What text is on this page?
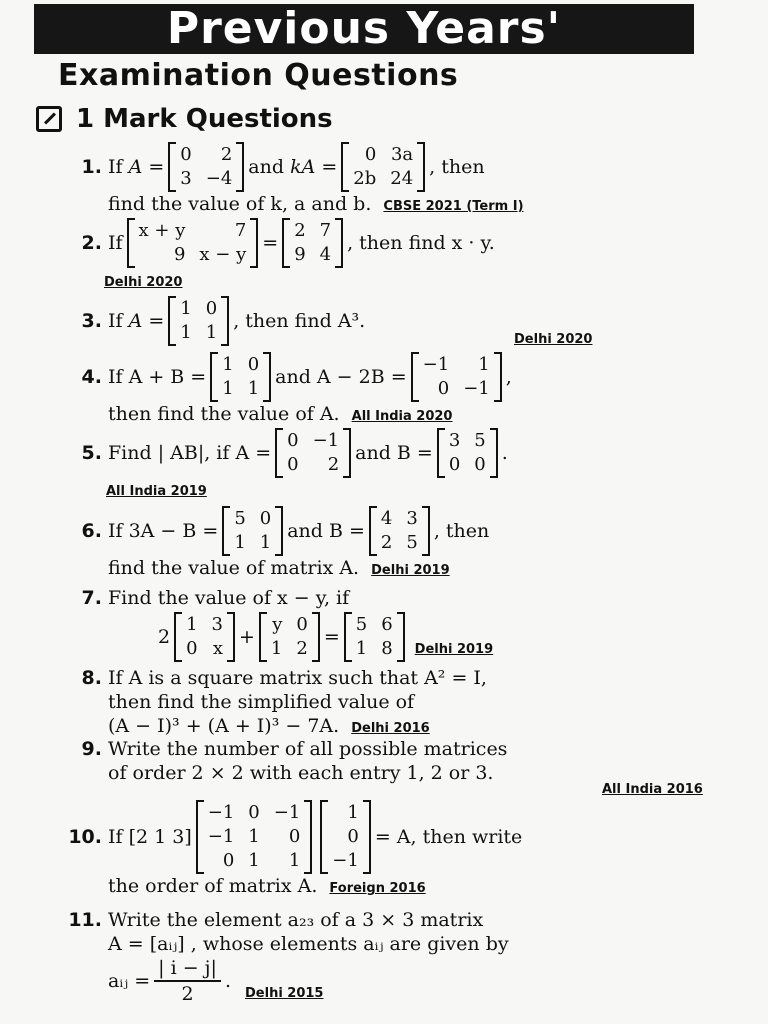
Previous Years'
Examination Questions
1 Mark Questions
1. If
A =
0	2
3 −4
and
kA =
0 3a
2b 24
, then
find the value of k, a and b. CBSE 2021 (Term I)
2. If
x + y	7
9 x − y
=
2 7
9 4
, then find x · y.
Delhi 2020
3. If
A =
1 0
1 1
, then find A³.
Delhi 2020
4. If A + B =
1 0
1 1
and A − 2B =
−1	1
0 −1
,
then find the value of A. All India 2020
5. Find | AB|, if A =
0 −1
0	2
and B =
3 5
0 0
.
All India 2019
6. If 3A − B =
5 0
1 1
and B =
4 3
2 5
, then
find the value of matrix A. Delhi 2019
7. Find the value of x − y, if
2
1 3
0 x
+
y 0
1 2
=
5 6
1 8 Delhi 2019
8. If A is a square matrix such that A² = I,
then find the simplified value of
(A − I)³ + (A + I)³ − 7A. Delhi 2016
9. Write the number of all possible matrices
of order 2 × 2 with each entry 1, 2 or 3.
All India 2016
10. If [2 1 3]
−1 0 −1
−1 1	0
0 1	1
1
0
−1
= A, then write
the order of matrix A. Foreign 2016
11. Write the element a₂₃ of a 3 × 3 matrix
A = [aᵢⱼ] , whose elements aᵢⱼ are given by
aᵢⱼ = $\frac{| i - j|}{2}$ .
Delhi 2015
